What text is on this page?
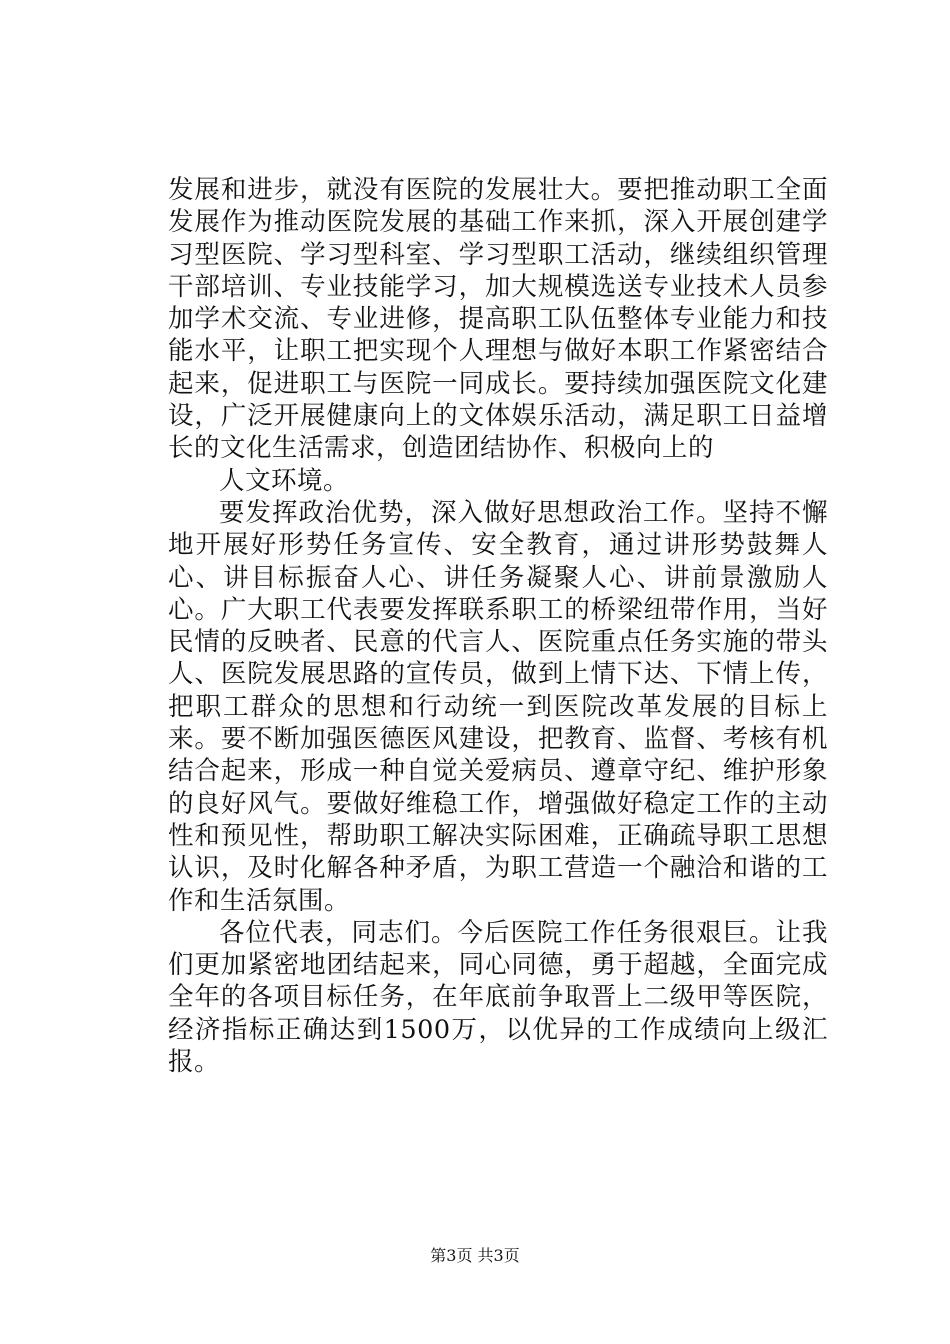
发展和进步，就没有医院的发展壮大。要把推动职工全面发展作为推动医院发展的基础工作来抓，深入开展创建学习型医院、学习型科室、学习型职工活动，继续组织管理干部培训、专业技能学习，加大规模选送专业技术人员参加学术交流、专业进修，提高职工队伍整体专业能力和技能水平，让职工把实现个人理想与做好本职工作紧密结合起来，促进职工与医院一同成长。要持续加强医院文化建设，广泛开展健康向上的文体娱乐活动，满足职工日益增长的文化生活需求，创造团结协作、积极向上的

人文环境。

要发挥政治优势，深入做好思想政治工作。坚持不懈地开展好形势任务宣传、安全教育，通过讲形势鼓舞人心、讲目标振奋人心、讲任务凝聚人心、讲前景激励人心。广大职工代表要发挥联系职工的桥梁纽带作用，当好民情的反映者、民意的代言人、医院重点任务实施的带头人、医院发展思路的宣传员，做到上情下达、下情上传，把职工群众的思想和行动统一到医院改革发展的目标上来。要不断加强医德医风建设，把教育、监督、考核有机结合起来，形成一种自觉关爱病员、遵章守纪、维护形象的良好风气。要做好维稳工作，增强做好稳定工作的主动性和预见性，帮助职工解决实际困难，正确疏导职工思想认识，及时化解各种矛盾，为职工营造一个融洽和谐的工作和生活氛围。

各位代表，同志们。今后医院工作任务很艰巨。让我们更加紧密地团结起来，同心同德，勇于超越，全面完成全年的各项目标任务，在年底前争取晋上二级甲等医院，经济指标正确达到1500万，以优异的工作成绩向上级汇报。

第3页 共3页
